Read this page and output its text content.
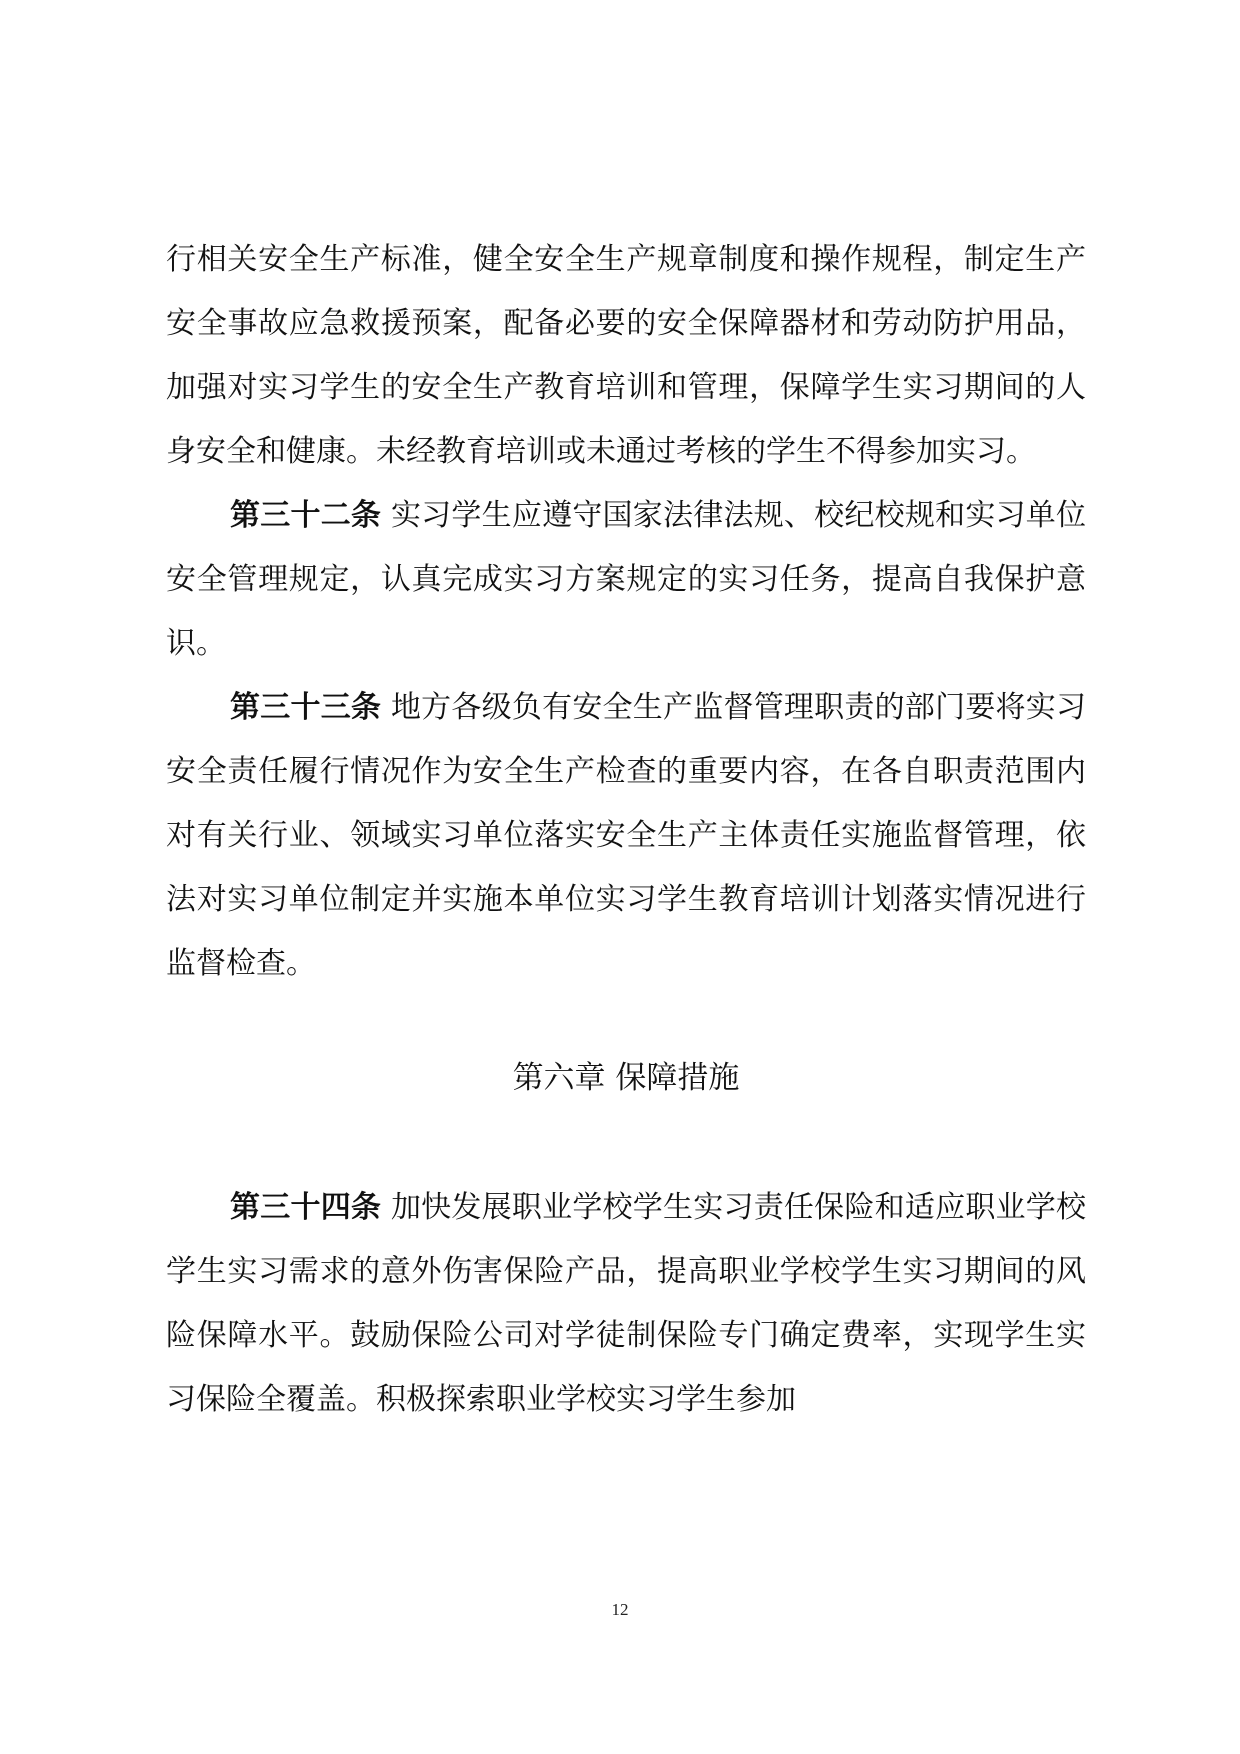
行相关安全生产标准，健全安全生产规章制度和操作规程，制定生产安全事故应急救援预案，配备必要的安全保障器材和劳动防护用品，加强对实习学生的安全生产教育培训和管理，保障学生实习期间的人身安全和健康。未经教育培训或未通过考核的学生不得参加实习。

第三十二条 实习学生应遵守国家法律法规、校纪校规和实习单位安全管理规定，认真完成实习方案规定的实习任务，提高自我保护意识。

第三十三条 地方各级负有安全生产监督管理职责的部门要将实习安全责任履行情况作为安全生产检查的重要内容，在各自职责范围内对有关行业、领域实习单位落实安全生产主体责任实施监督管理，依法对实习单位制定并实施本单位实习学生教育培训计划落实情况进行监督检查。

第六章 保障措施

第三十四条 加快发展职业学校学生实习责任保险和适应职业学校学生实习需求的意外伤害保险产品，提高职业学校学生实习期间的风险保障水平。鼓励保险公司对学徒制保险专门确定费率，实现学生实习保险全覆盖。积极探索职业学校实习学生参加

12
